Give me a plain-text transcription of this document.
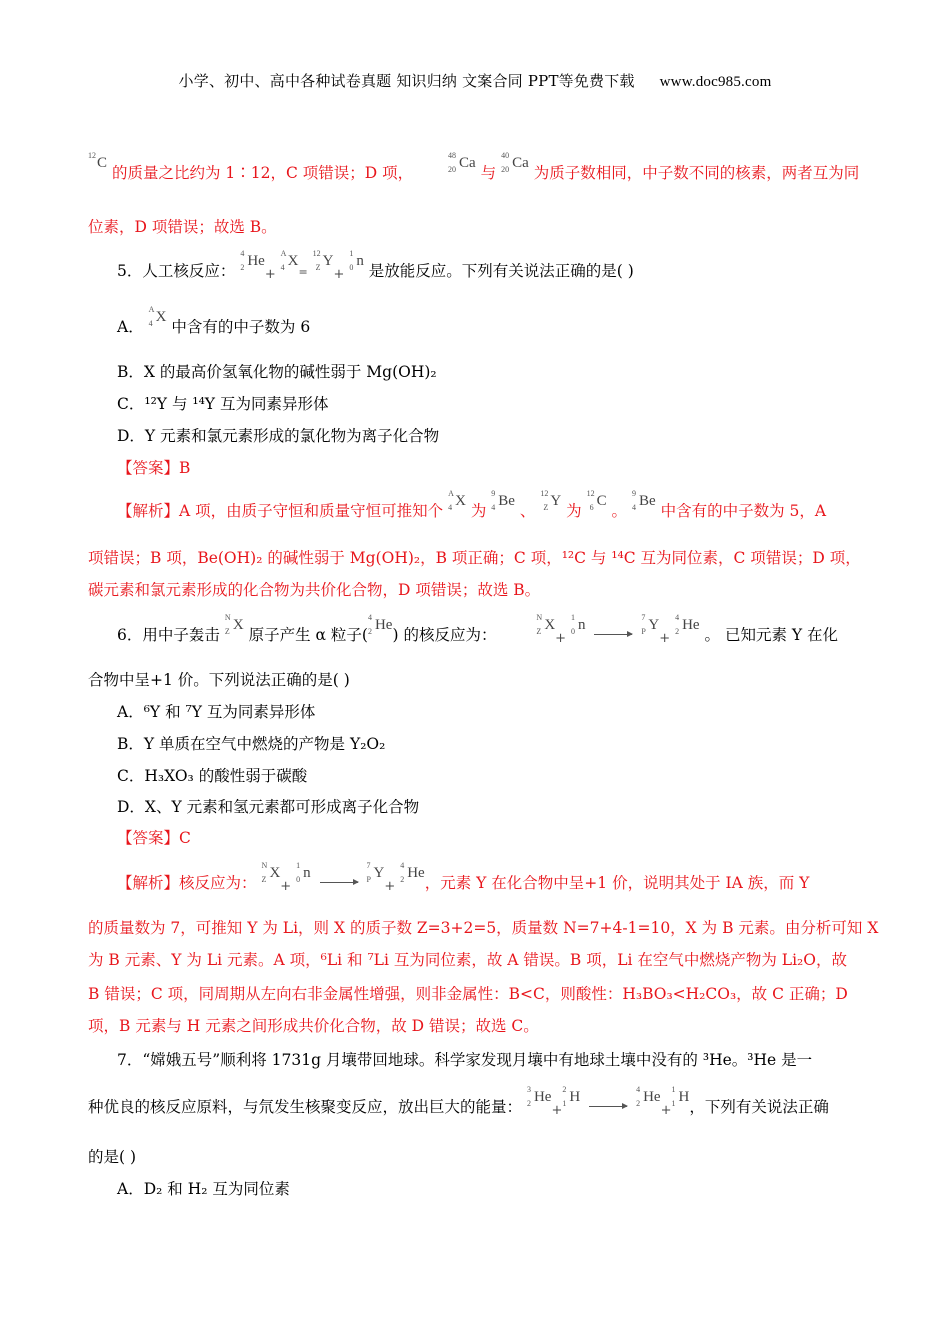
小学、初中、高中各种试卷真题 知识归纳 文案合同 PPT等免费下载 www.doc985.com
12 C 的质量之比约为 1∶12，C 项错误；D 项，
48
20 Ca 与
40
20 Ca 为质子数相同，中子数不同的核素，两者互为同
位素，D 项错误；故选 B。
5．人工核反应：
4
2 He+
A
4 X=
12
Z Y+
1
0 n 是放能反应。下列有关说法正确的是( )
A．
A
4 X 中含有的中子数为 6
B．X 的最高价氢氧化物的碱性弱于 Mg(OH)₂
C．¹²Y 与 ¹⁴Y 互为同素异形体
D．Y 元素和氯元素形成的氯化物为离子化合物
【答案】B
【解析】A 项，由质子守恒和质量守恒可推知个
A
4 X 为
9
4 Be 、
12
Z Y 为
12
6 C 。
9
4 Be 中含有的中子数为 5，A
项错误；B 项，Be(OH)₂ 的碱性弱于 Mg(OH)₂，B 项正确；C 项，¹²C 与 ¹⁴C 互为同位素，C 项错误；D 项，
碳元素和氯元素形成的化合物为共价化合物，D 项错误；故选 B。
6．用中子轰击
N
Z X 原子产生 α 粒子(
4
2 He) 的核反应为：
N
Z X+
1
0 n	7
P Y+
4
2 He 。 已知元素 Y 在化
合物中呈+1 价。下列说法正确的是( )
A．⁶Y 和 ⁷Y 互为同素异形体
B．Y 单质在空气中燃烧的产物是 Y₂O₂
C．H₃XO₃ 的酸性弱于碳酸
D．X、Y 元素和氢元素都可形成离子化合物
【答案】C
【解析】核反应为：
N
Z X+
1
0 n	7
P Y+
4
2 He，元素 Y 在化合物中呈+1 价，说明其处于 IA 族，而 Y
的质量数为 7，可推知 Y 为 Li，则 X 的质子数 Z=3+2=5，质量数 N=7+4-1=10，X 为 B 元素。由分析可知 X
为 B 元素、Y 为 Li 元素。A 项，⁶Li 和 ⁷Li 互为同位素，故 A 错误。B 项，Li 在空气中燃烧产物为 Li₂O，故
B 错误；C 项，同周期从左向右非金属性增强，则非金属性：B<C，则酸性：H₃BO₃<H₂CO₃，故 C 正确；D
项，B 元素与 H 元素之间形成共价化合物，故 D 错误；故选 C。
7．“嫦娥五号”顺利将 1731g 月壤带回地球。科学家发现月壤中有地球土壤中没有的 ³He。³He 是一
种优良的核反应原料，与氘发生核聚变反应，放出巨大的能量：
3
2 He+
2
1 H	4
2 He+
1
1 H，下列有关说法正确
的是( )
A．D₂ 和 H₂ 互为同位素
